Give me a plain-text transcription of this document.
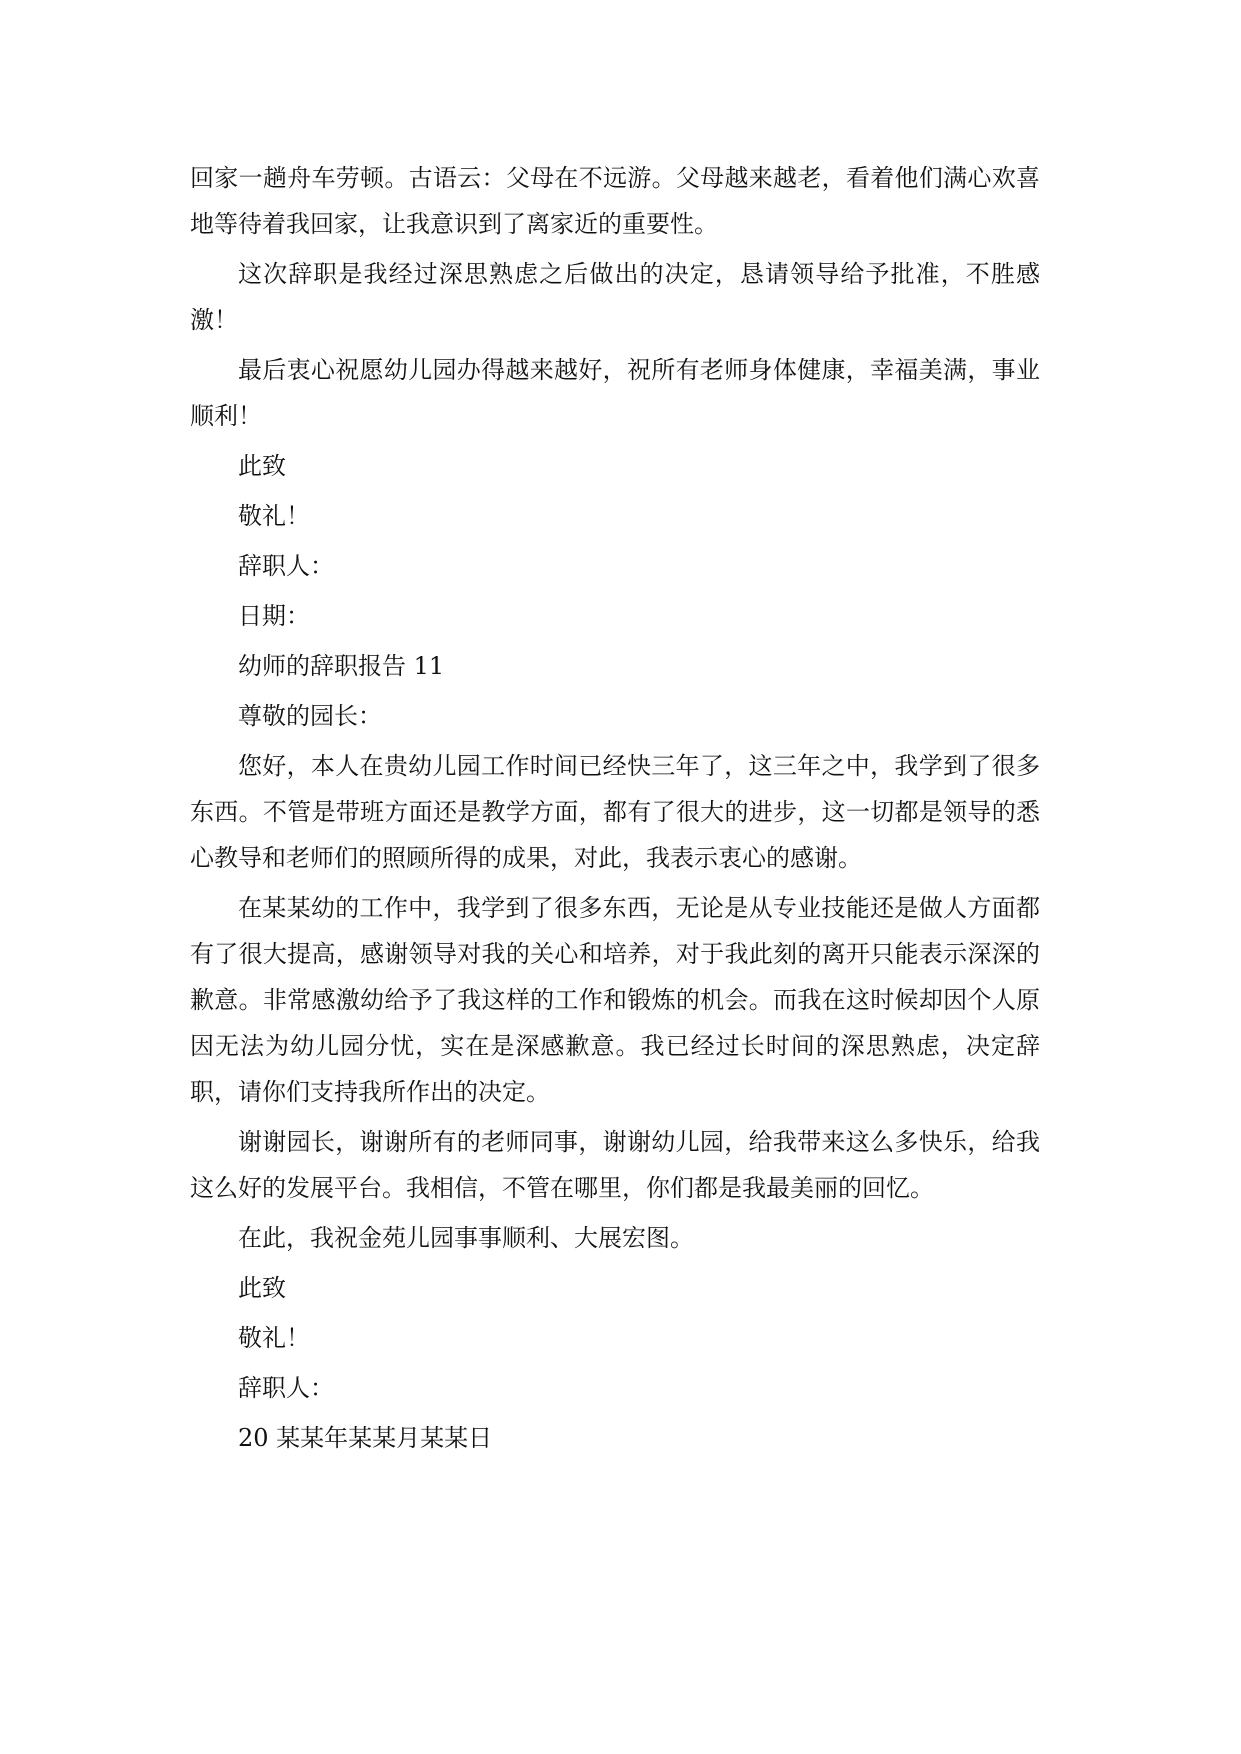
回家一趟舟车劳顿。古语云：父母在不远游。父母越来越老，看着他们满心欢喜地等待着我回家，让我意识到了离家近的重要性。

这次辞职是我经过深思熟虑之后做出的决定，恳请领导给予批准，不胜感激！

最后衷心祝愿幼儿园办得越来越好，祝所有老师身体健康，幸福美满，事业顺利！

此致

敬礼！

辞职人：

日期：

幼师的辞职报告 11

尊敬的园长：

您好，本人在贵幼儿园工作时间已经快三年了，这三年之中，我学到了很多东西。不管是带班方面还是教学方面，都有了很大的进步，这一切都是领导的悉心教导和老师们的照顾所得的成果，对此，我表示衷心的感谢。

在某某幼的工作中，我学到了很多东西，无论是从专业技能还是做人方面都有了很大提高，感谢领导对我的关心和培养，对于我此刻的离开只能表示深深的歉意。非常感激幼给予了我这样的工作和锻炼的机会。而我在这时候却因个人原因无法为幼儿园分忧，实在是深感歉意。我已经过长时间的深思熟虑，决定辞职，请你们支持我所作出的决定。

谢谢园长，谢谢所有的老师同事，谢谢幼儿园，给我带来这么多快乐，给我这么好的发展平台。我相信，不管在哪里，你们都是我最美丽的回忆。

在此，我祝金苑儿园事事顺利、大展宏图。

此致

敬礼！

辞职人：

20 某某年某某月某某日
